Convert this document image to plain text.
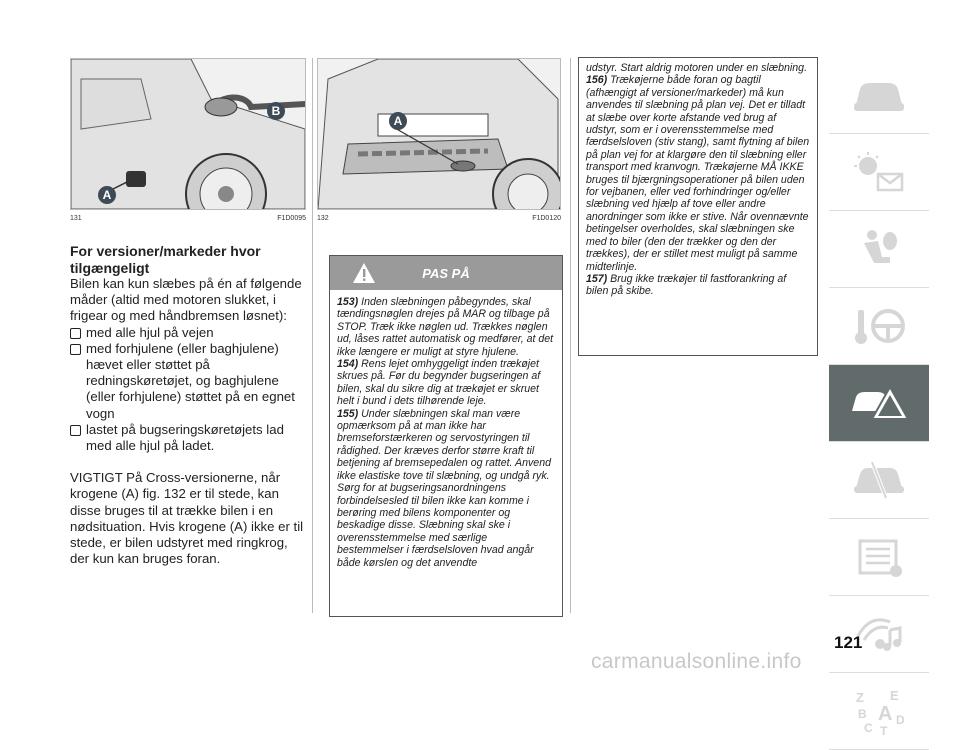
B
A
131	F1D0095
A
132	F1D0120
For versioner/markeder hvor tilgængeligt

Bilen kan kun slæbes på én af følgende måder (altid med motoren slukket, i frigear og med håndbremsen løsnet):

med alle hjul på vejen

med forhjulene (eller baghjulene) hævet eller støttet på redningskøretøjet, og baghjulene (eller forhjulene) støttet på en egnet vogn

lastet på bugseringskøretøjets lad med alle hjul på ladet.

VIGTIGT På Cross-versionerne, når krogene (A) fig. 132 er til stede, kan disse bruges til at trække bilen i en nødsituation. Hvis krogene (A) ikke er til stede, er bilen udstyret med ringkrog, der kun kan bruges foran.

PAS PÅ

153) Inden slæbningen påbegyndes, skal tændingsnøglen drejes på MAR og tilbage på STOP. Træk ikke nøglen ud. Trækkes nøglen ud, låses rattet automatisk og medfører, at det ikke længere er muligt at styre hjulene.

154) Rens lejet omhyggeligt inden trækøjet skrues på. Før du begynder bugseringen af bilen, skal du sikre dig at trækøjet er skruet helt i bund i dets tilhørende leje.

155) Under slæbningen skal man være opmærksom på at man ikke har bremseforstærkeren og servostyringen til rådighed. Der kræves derfor større kraft til betjening af bremsepedalen og rattet. Anvend ikke elastiske tove til slæbning, og undgå ryk. Sørg for at bugseringsanordningens forbindelsesled til bilen ikke kan komme i berøring med bilens komponenter og beskadige disse. Slæbning skal ske i overensstemmelse med særlige bestemmelser i færdselsloven hvad angår både kørslen og det anvendte

udstyr. Start aldrig motoren under en slæbning.

156) Trækøjerne både foran og bagtil (afhængigt af versioner/markeder) må kun anvendes til slæbning på plan vej. Det er tilladt at slæbe over korte afstande ved brug af udstyr, som er i overensstemmelse med færdselsloven (stiv stang), samt flytning af bilen på plan vej for at klargøre den til slæbning eller transport med kranvogn. Trækøjerne MÅ IKKE bruges til bjærgningsoperationer på bilen uden for vejbanen, eller ved forhindringer og/eller slæbning ved hjælp af tove eller andre anordninger som ikke er stive. Når ovennævnte betingelser overholdes, skal slæbningen ske med to biler (den der trækker og den der trækkes), der er stillet mest muligt på samme midterlinje.

157) Brug ikke trækøjer til fastforankring af bilen på skibe.

Z E
B A D
C T
121
carmanualsonline.info
